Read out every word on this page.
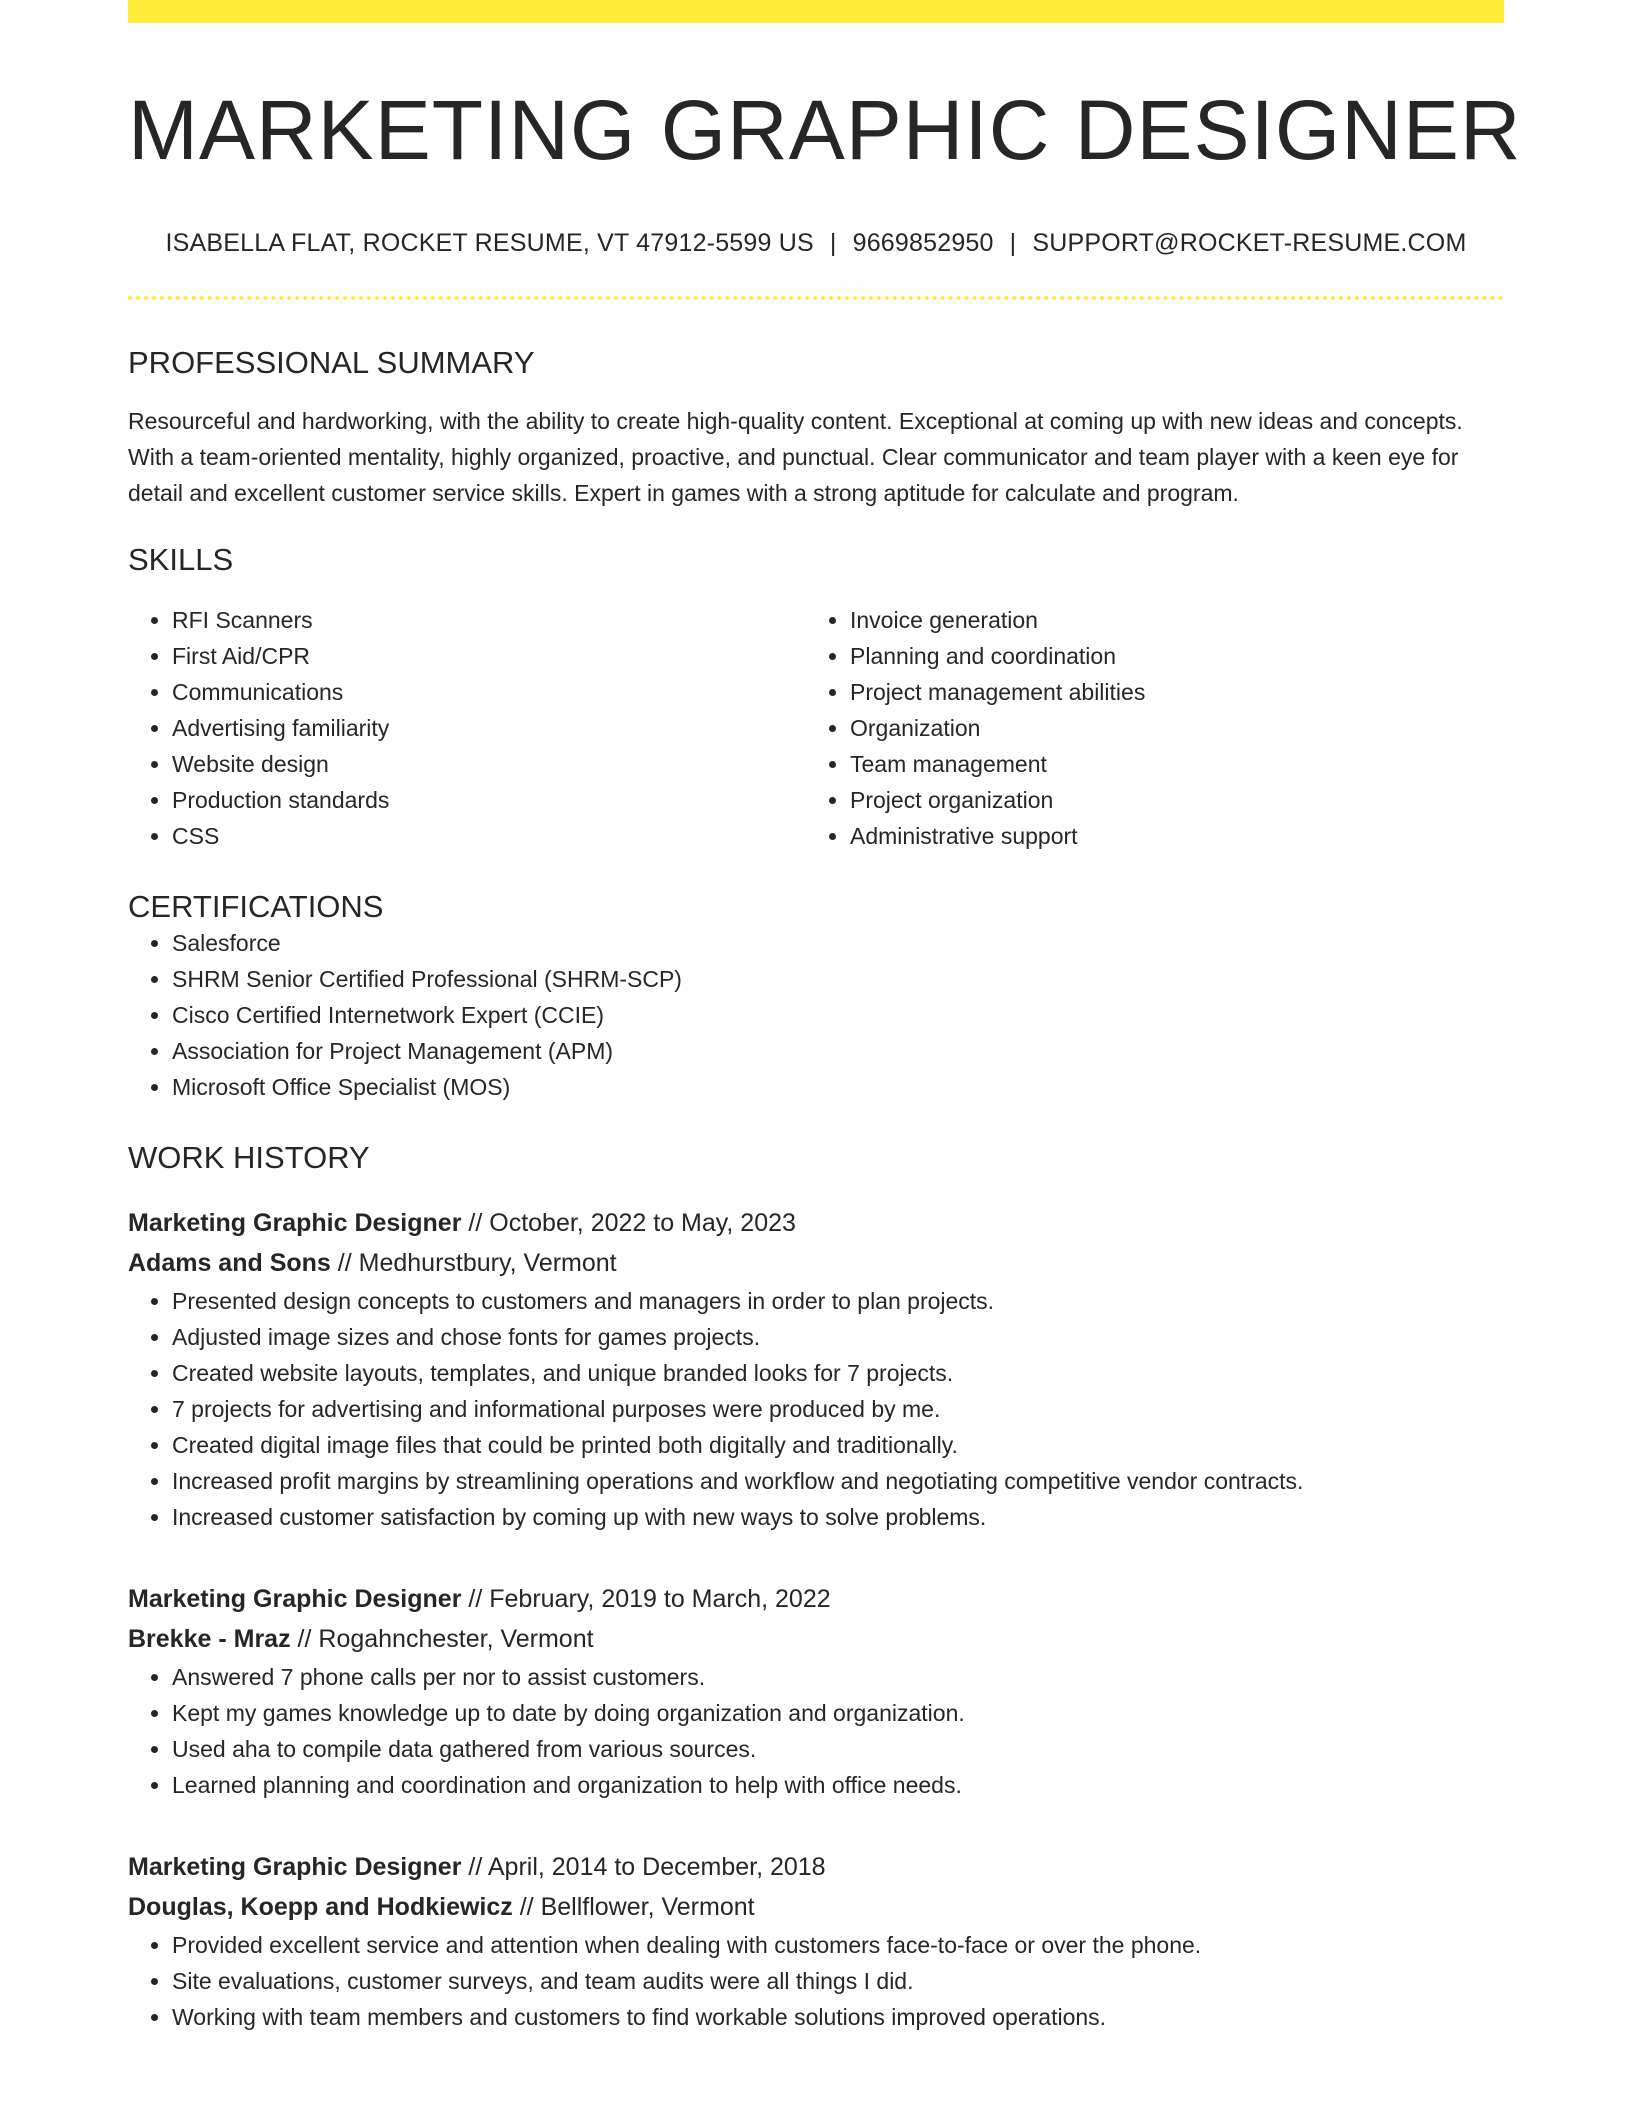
MARKETING GRAPHIC DESIGNER
ISABELLA FLAT, ROCKET RESUME, VT 47912-5599 US | 9669852950 | SUPPORT@ROCKET-RESUME.COM
PROFESSIONAL SUMMARY

Resourceful and hardworking, with the ability to create high-quality content. Exceptional at coming up with new ideas and concepts. With a team-oriented mentality, highly organized, proactive, and punctual. Clear communicator and team player with a keen eye for detail and excellent customer service skills. Expert in games with a strong aptitude for calculate and program.

SKILLS
• RFI Scanners
• First Aid/CPR
• Communications
• Advertising familiarity
• Website design
• Production standards
• CSS
• Invoice generation
• Planning and coordination
• Project management abilities
• Organization
• Team management
• Project organization
• Administrative support
CERTIFICATIONS
• Salesforce
• SHRM Senior Certified Professional (SHRM-SCP)
• Cisco Certified Internetwork Expert (CCIE)
• Association for Project Management (APM)
• Microsoft Office Specialist (MOS)
WORK HISTORY
Marketing Graphic Designer // October, 2022 to May, 2023
Adams and Sons // Medhurstbury, Vermont
• Presented design concepts to customers and managers in order to plan projects.
• Adjusted image sizes and chose fonts for games projects.
• Created website layouts, templates, and unique branded looks for 7 projects.
• 7 projects for advertising and informational purposes were produced by me.
• Created digital image files that could be printed both digitally and traditionally.
• Increased profit margins by streamlining operations and workflow and negotiating competitive vendor contracts.
• Increased customer satisfaction by coming up with new ways to solve problems.
Marketing Graphic Designer // February, 2019 to March, 2022
Brekke - Mraz // Rogahnchester, Vermont
• Answered 7 phone calls per nor to assist customers.
• Kept my games knowledge up to date by doing organization and organization.
• Used aha to compile data gathered from various sources.
• Learned planning and coordination and organization to help with office needs.
Marketing Graphic Designer // April, 2014 to December, 2018
Douglas, Koepp and Hodkiewicz // Bellflower, Vermont
• Provided excellent service and attention when dealing with customers face-to-face or over the phone.
• Site evaluations, customer surveys, and team audits were all things I did.
• Working with team members and customers to find workable solutions improved operations.
